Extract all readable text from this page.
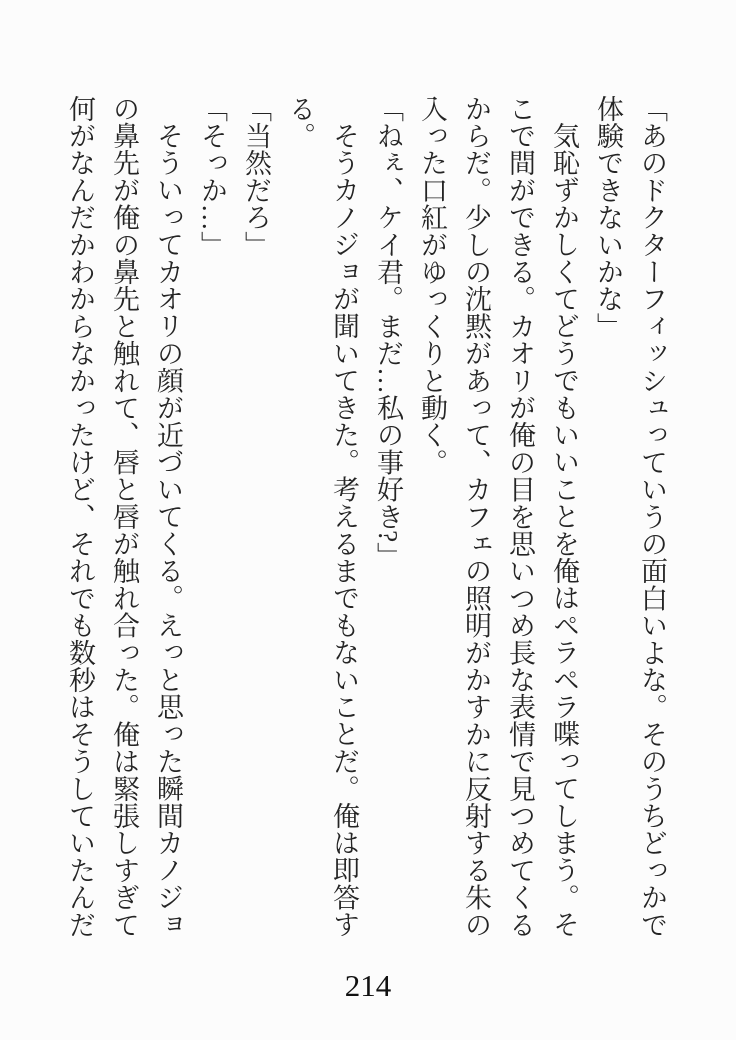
「あのドクターフィッシュっていうの面白いよな。そのうちどっかで
体験できないかな」
気恥ずかしくてどうでもいいことを俺はペラペラ喋ってしまう。そ
こで間ができる。カオリが俺の目を思いつめ長な表情で見つめてくる
からだ。少しの沈黙があって、カフェの照明がかすかに反射する朱の
入った口紅がゆっくりと動く。
「ねぇ、ケイ君。まだ…私の事好き?」
そうカノジョが聞いてきた。考えるまでもないことだ。俺は即答す
る。
「当然だろ」
「そっか…」
そういってカオリの顔が近づいてくる。えっと思った瞬間カノジョ
の鼻先が俺の鼻先と触れて、唇と唇が触れ合った。俺は緊張しすぎて
何がなんだかわからなかったけど、それでも数秒はそうしていたんだ
214
